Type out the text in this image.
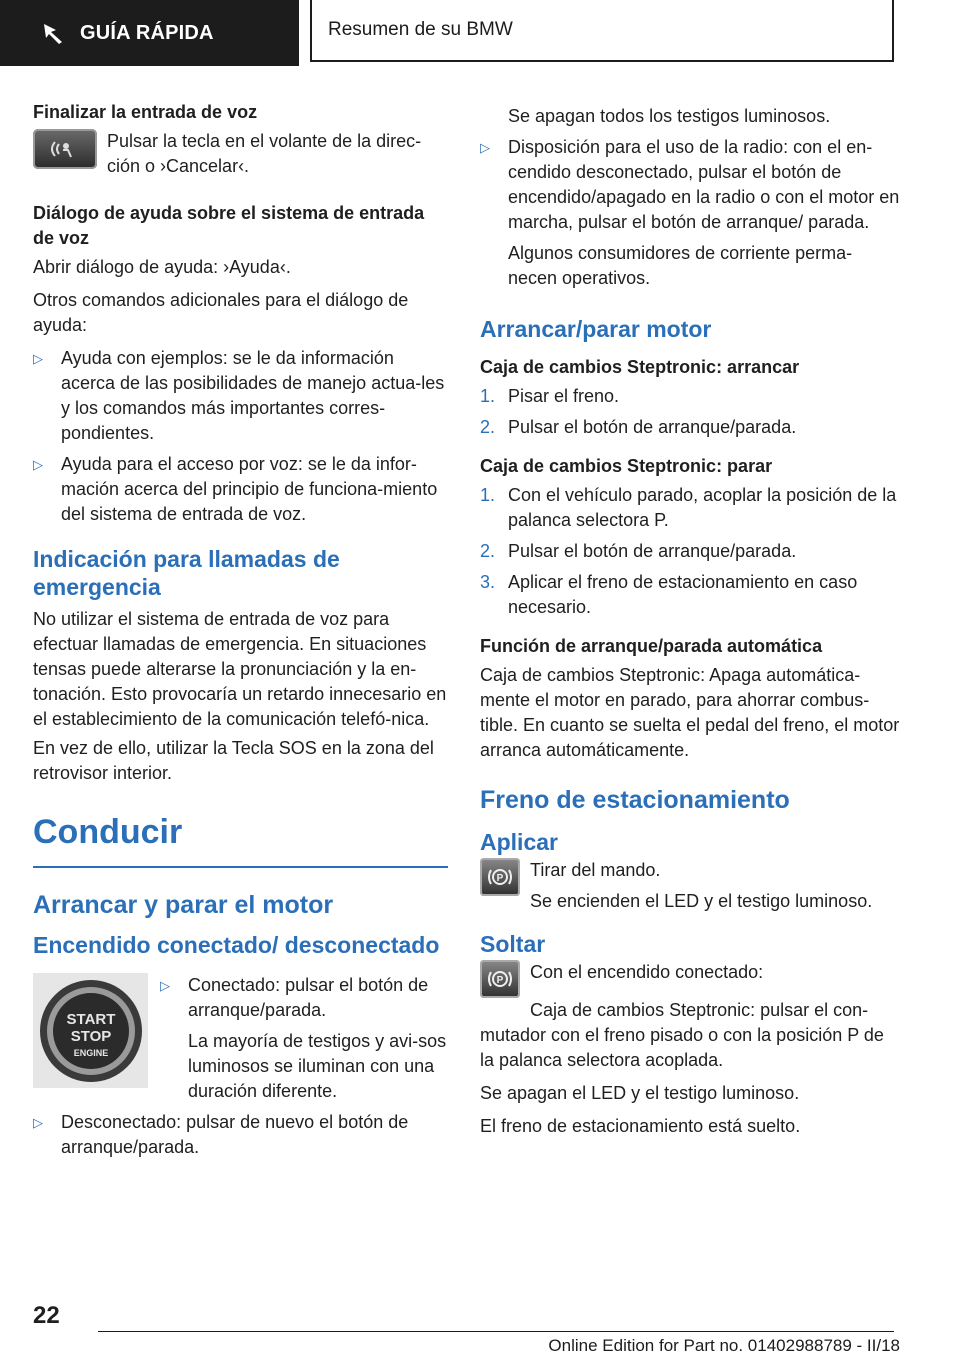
GUÍA RÁPIDA	Resumen de su BMW

Finalizar la entrada de voz

Pulsar la tecla en el volante de la direc-ción o ›Cancelar‹.

Diálogo de ayuda sobre el sistema de entrada de voz

Abrir diálogo de ayuda: ›Ayuda‹.

Otros comandos adicionales para el diálogo de ayuda:

▷	Ayuda con ejemplos: se le da información acerca de las posibilidades de manejo actua-les y los comandos más importantes corres-pondientes.
▷	Ayuda para el acceso por voz: se le da infor-mación acerca del principio de funciona-miento del sistema de entrada de voz.

Indicación para llamadas de emergencia

No utilizar el sistema de entrada de voz para efectuar llamadas de emergencia. En situaciones tensas puede alterarse la pronunciación y la en-tonación. Esto provocaría un retardo innecesario en el establecimiento de la comunicación telefó-nica.

En vez de ello, utilizar la Tecla SOS en la zona del retrovisor interior.

Conducir

Arrancar y parar el motor

Encendido conectado/ desconectado

START
STOP
ENGINE
▷	Conectado: pulsar el botón de arranque/parada.
La mayoría de testigos y avi-sos luminosos se iluminan con una duración diferente.
▷	Desconectado: pulsar de nuevo el botón de arranque/parada.

Se apagan todos los testigos luminosos.

▷	Disposición para el uso de la radio: con el en-cendido desconectado, pulsar el botón de encendido/apagado en la radio o con el motor en marcha, pulsar el botón de arranque/ parada.

Algunos consumidores de corriente perma-necen operativos.

Arrancar/parar motor

Caja de cambios Steptronic: arrancar

1. Pisar el freno.
2. Pulsar el botón de arranque/parada.

Caja de cambios Steptronic: parar

1. Con el vehículo parado, acoplar la posición de la palanca selectora P.
2. Pulsar el botón de arranque/parada.
3. Aplicar el freno de estacionamiento en caso necesario.

Función de arranque/parada automática

Caja de cambios Steptronic: Apaga automática-mente el motor en parado, para ahorrar combus-tible. En cuanto se suelta el pedal del freno, el motor arranca automáticamente.

Freno de estacionamiento

Aplicar

P Tirar del mando.

Se encienden el LED y el testigo luminoso.

Soltar

P Con el encendido conectado:

Caja de cambios Steptronic: pulsar el con-mutador con el freno pisado o con la posición P de la palanca selectora acoplada.

Se apagan el LED y el testigo luminoso.

El freno de estacionamiento está suelto.

22
Online Edition for Part no. 01402988789 - II/18
